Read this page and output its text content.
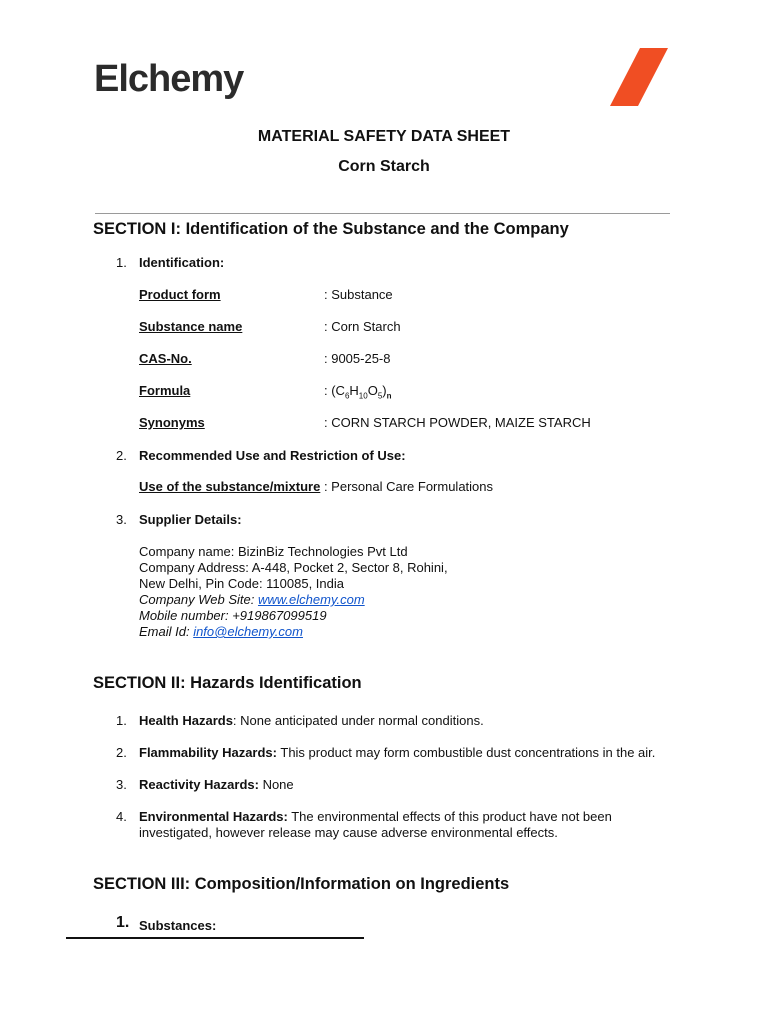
Elchemy
MATERIAL SAFETY DATA SHEET
Corn Starch
SECTION I: Identification of the Substance and the Company
1. Identification:
Product form	: Substance
Substance name	: Corn Starch
CAS-No.	: 9005-25-8
Formula	: $(C_6H_{10}O_5)_n$
Synonyms	: CORN STARCH POWDER, MAIZE STARCH
2. Recommended Use and Restriction of Use:
Use of the substance/mixture : Personal Care Formulations
3. Supplier Details:
Company name: BizinBiz Technologies Pvt Ltd
Company Address: A-448, Pocket 2, Sector 8, Rohini,
New Delhi, Pin Code: 110085, India
Company Web Site: www.elchemy.com
Mobile number: +919867099519
Email Id: info@elchemy.com
SECTION II: Hazards Identification
1. Health Hazards: None anticipated under normal conditions.
2. Flammability Hazards: This product may form combustible dust concentrations in the air.
3. Reactivity Hazards: None
4. Environmental Hazards: The environmental effects of this product have not been investigated, however release may cause adverse environmental effects.
SECTION III: Composition/Information on Ingredients
1. Substances:
